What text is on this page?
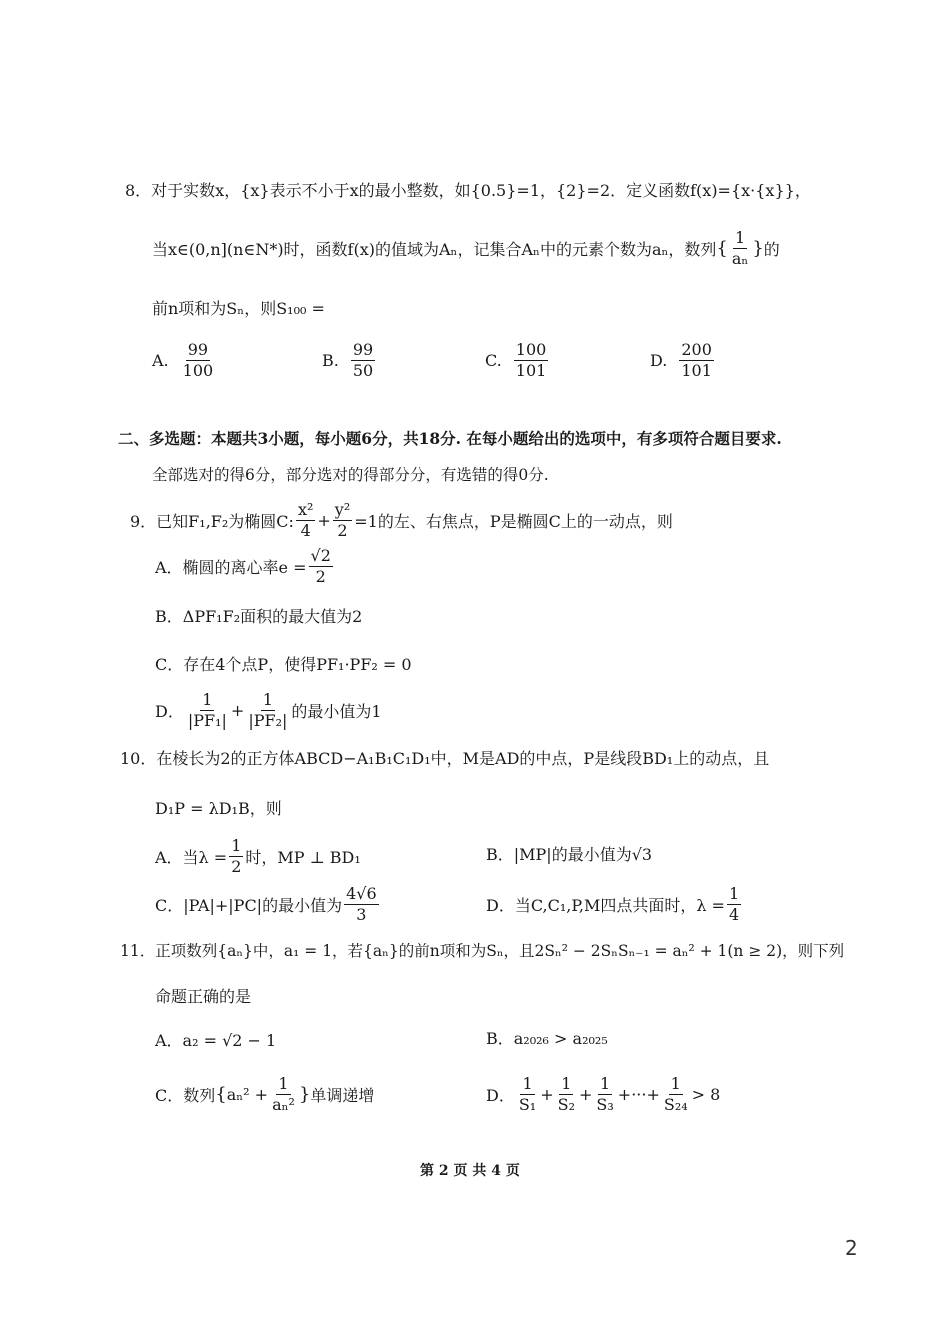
8．对于实数x，{x}表示不小于x的最小整数，如{0.5}=1，{2}=2．定义函数f(x)={x·{x}}，
当x∈(0,n](n∈N*)时，函数f(x)的值域为Aₙ，记集合Aₙ中的元素个数为aₙ，数列 { $\frac{1}{\text{aₙ}}$ } 的
前n项和为Sₙ，则S₁₀₀ =
A. $\frac{99}{100}$	B. $\frac{99}{50}$	C. $\frac{100}{101}$	D. $\frac{200}{101}$
二、多选题：本题共3小题，每小题6分，共18分. 在每小题给出的选项中，有多项符合题目要求.
全部选对的得6分，部分选对的得部分分，有选错的得0分.
9．已知F₁,F₂为椭圆C: $\frac{\text{x²}}{4} + \frac{\text{y²}}{2} =1$的左、右焦点，P是椭圆C上的一动点，则
A．椭圆的离心率$e = \frac{√2}{2}$
B．ΔPF₁F₂面积的最大值为2
C．存在4个点P，使得PF₁·PF₂ = 0
D． $\frac{1}{\text{|PF₁|}} + \frac{1}{\text{|PF₂|}}$ 的最小值为1
10．在棱长为2的正方体ABCD−A₁B₁C₁D₁中，M是AD的中点，P是线段BD₁上的动点，且
D₁P = λD₁B，则
A．当$\lambda = \frac{1}{2}$ 时，MP ⊥ BD₁	B．|MP|的最小值为√3
C．|PA|+|PC|的最小值为 $\frac{4√6}{3}$	D．当C,C₁,P,M四点共面时，$\lambda = \frac{1}{4}$
11．正项数列{aₙ}中，a₁ = 1，若{aₙ}的前n项和为Sₙ，且2Sₙ² − 2SₙSₙ₋₁ = aₙ² + 1(n ≥ 2)，则下列
命题正确的是
A．a₂ = √2 − 1	B．a₂₀₂₆ > a₂₀₂₅
C．数列 { $a_n^2 + \frac{1}{\text{aₙ²}}$ } 单调递增	D． $\frac{1}{\text{S₁}} + \frac{1}{\text{S₂}} + \frac{1}{\text{S₃}}$ +···+ $\frac{1}{\text{S₂₄}} > 8$
第 2 页 共 4 页
2
